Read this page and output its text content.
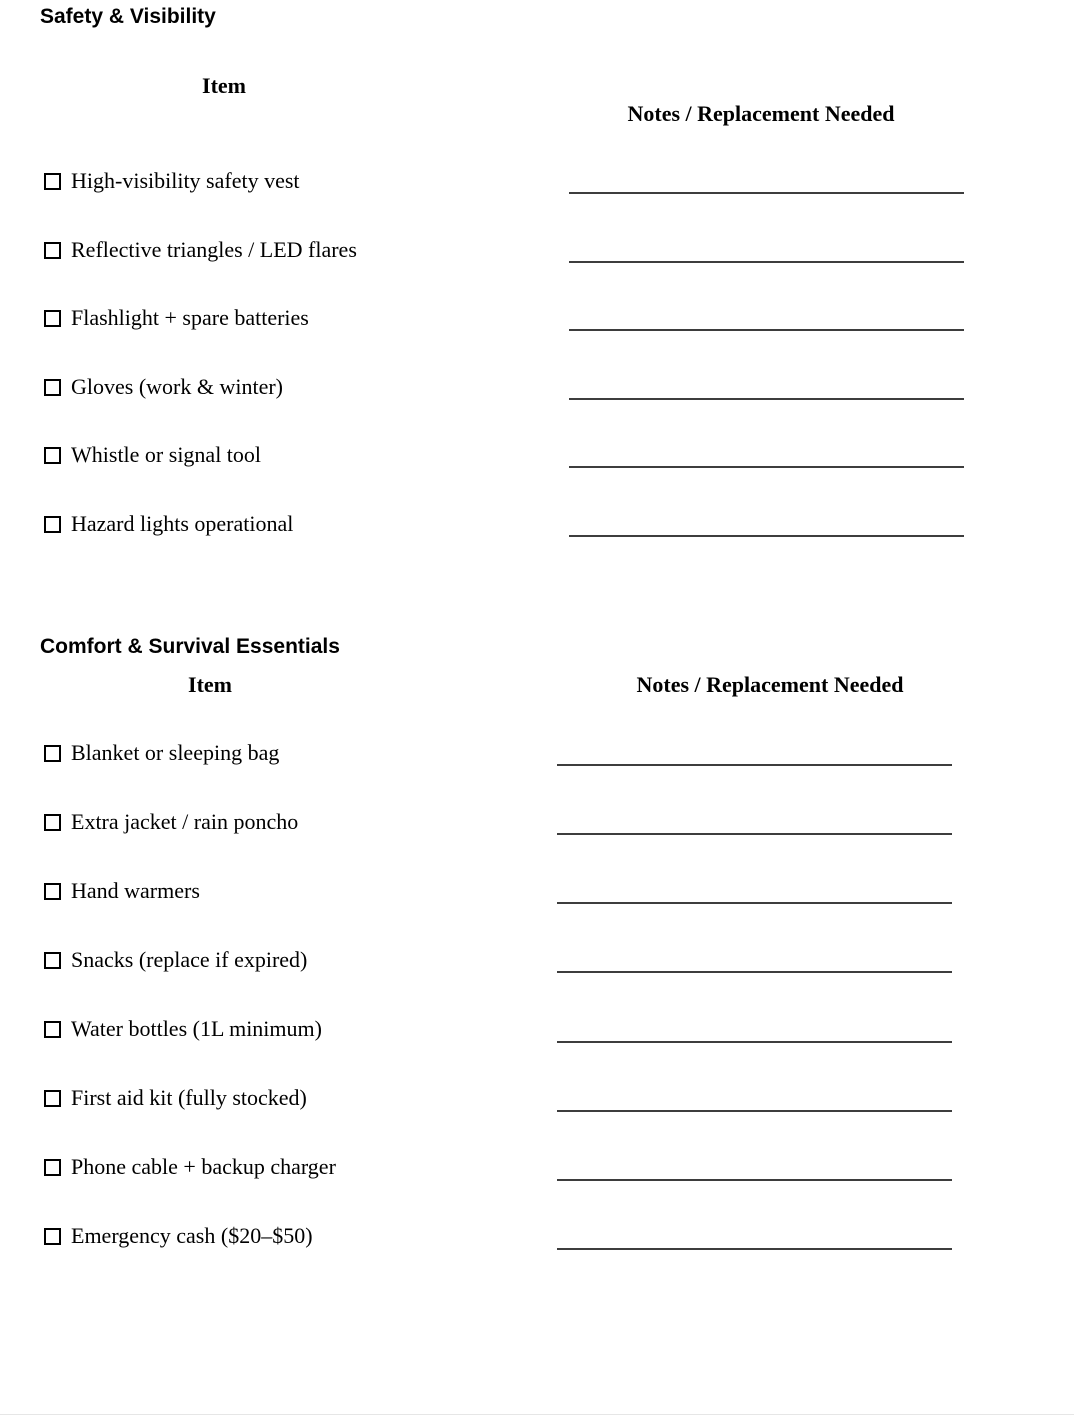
Safety & Visibility
Item
Notes / Replacement Needed
High-visibility safety vest
Reflective triangles / LED flares
Flashlight + spare batteries
Gloves (work & winter)
Whistle or signal tool
Hazard lights operational
Comfort & Survival Essentials
Item	Notes / Replacement Needed
Blanket or sleeping bag
Extra jacket / rain poncho
Hand warmers
Snacks (replace if expired)
Water bottles (1L minimum)
First aid kit (fully stocked)
Phone cable + backup charger
Emergency cash ($20–$50)
